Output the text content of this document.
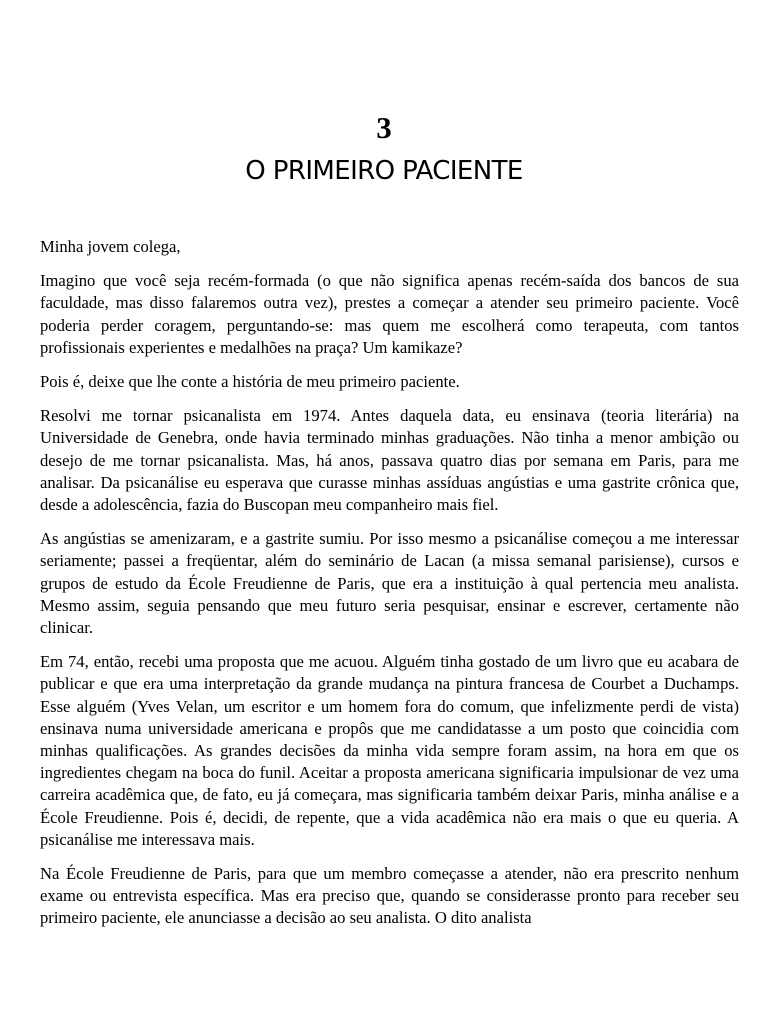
3
O PRIMEIRO PACIENTE

Minha jovem colega,

Imagino que você seja recém-formada (o que não significa apenas recém-saída dos bancos de sua faculdade, mas disso falaremos outra vez), prestes a começar a atender seu primeiro paciente. Você poderia perder coragem, perguntando-se: mas quem me escolherá como terapeuta, com tantos profissionais experientes e medalhões na praça? Um kamikaze?

Pois é, deixe que lhe conte a história de meu primeiro paciente.

Resolvi me tornar psicanalista em 1974. Antes daquela data, eu ensinava (teoria literária) na Universidade de Genebra, onde havia terminado minhas graduações. Não tinha a menor ambição ou desejo de me tornar psicanalista. Mas, há anos, passava quatro dias por semana em Paris, para me analisar. Da psicanálise eu esperava que curasse minhas assíduas angústias e uma gastrite crônica que, desde a adolescência, fazia do Buscopan meu companheiro mais fiel.

As angústias se amenizaram, e a gastrite sumiu. Por isso mesmo a psicanálise começou a me interessar seriamente; passei a freqüentar, além do seminário de Lacan (a missa semanal parisiense), cursos e grupos de estudo da École Freudienne de Paris, que era a instituição à qual pertencia meu analista. Mesmo assim, seguia pensando que meu futuro seria pesquisar, ensinar e escrever, certamente não clinicar.

Em 74, então, recebi uma proposta que me acuou. Alguém tinha gostado de um livro que eu acabara de publicar e que era uma interpretação da grande mudança na pintura francesa de Courbet a Duchamps. Esse alguém (Yves Velan, um escritor e um homem fora do comum, que infelizmente perdi de vista) ensinava numa universidade americana e propôs que me candidatasse a um posto que coincidia com minhas qualificações. As grandes decisões da minha vida sempre foram assim, na hora em que os ingredientes chegam na boca do funil. Aceitar a proposta americana significaria impulsionar de vez uma carreira acadêmica que, de fato, eu já começara, mas significaria também deixar Paris, minha análise e a École Freudienne. Pois é, decidi, de repente, que a vida acadêmica não era mais o que eu queria. A psicanálise me interessava mais.

Na École Freudienne de Paris, para que um membro começasse a atender, não era prescrito nenhum exame ou entrevista específica. Mas era preciso que, quando se considerasse pronto para receber seu primeiro paciente, ele anunciasse a decisão ao seu analista. O dito analista
